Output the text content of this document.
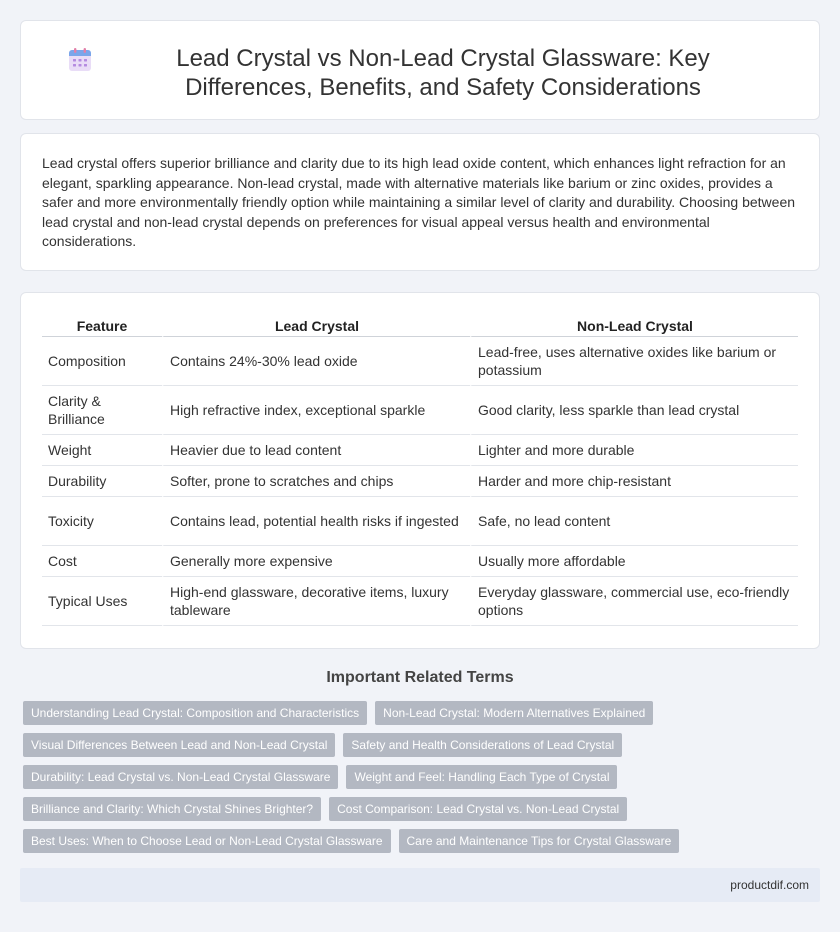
Lead Crystal vs Non-Lead Crystal Glassware: Key Differences, Benefits, and Safety Considerations

Lead crystal offers superior brilliance and clarity due to its high lead oxide content, which enhances light refraction for an elegant, sparkling appearance. Non-lead crystal, made with alternative materials like barium or zinc oxides, provides a safer and more environmentally friendly option while maintaining a similar level of clarity and durability. Choosing between lead crystal and non-lead crystal depends on preferences for visual appeal versus health and environmental considerations.

Feature	Lead Crystal	Non-Lead Crystal
Composition	Contains 24%-30% lead oxide	Lead-free, uses alternative oxides like barium or potassium
Clarity & Brilliance	High refractive index, exceptional sparkle	Good clarity, less sparkle than lead crystal
Weight	Heavier due to lead content	Lighter and more durable
Durability	Softer, prone to scratches and chips	Harder and more chip-resistant
Toxicity	Contains lead, potential health risks if ingested	Safe, no lead content
Cost	Generally more expensive	Usually more affordable
Typical Uses	High-end glassware, decorative items, luxury tableware	Everyday glassware, commercial use, eco-friendly options
Important Related Terms
Understanding Lead Crystal: Composition and Characteristics	Non-Lead Crystal: Modern Alternatives Explained
Visual Differences Between Lead and Non-Lead Crystal	Safety and Health Considerations of Lead Crystal
Durability: Lead Crystal vs. Non-Lead Crystal Glassware	Weight and Feel: Handling Each Type of Crystal
Brilliance and Clarity: Which Crystal Shines Brighter?	Cost Comparison: Lead Crystal vs. Non-Lead Crystal
Best Uses: When to Choose Lead or Non-Lead Crystal Glassware	Care and Maintenance Tips for Crystal Glassware
productdif.com
